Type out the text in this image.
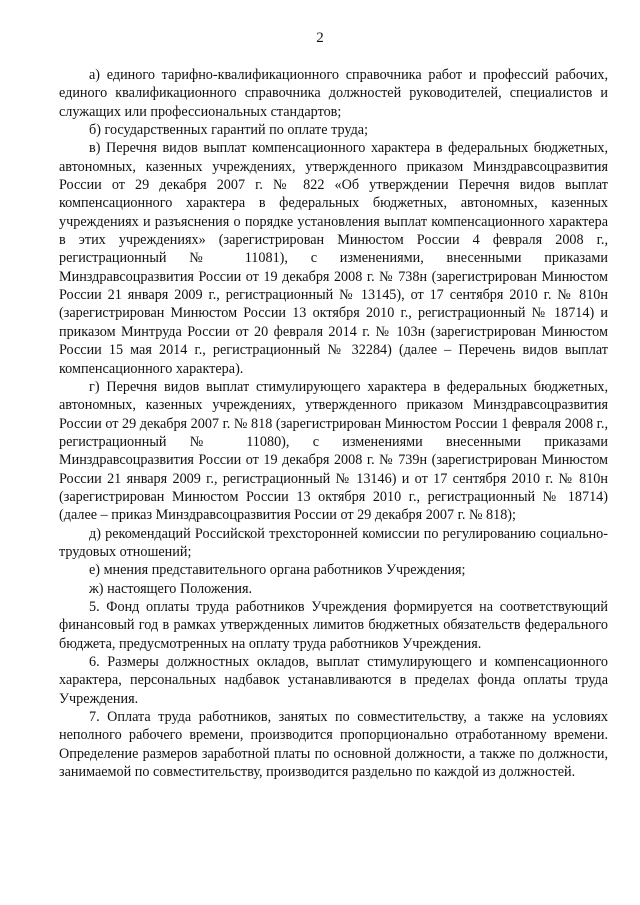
2

а) единого тарифно-квалификационного справочника работ и профессий рабочих, единого квалификационного справочника должностей руководителей, специалистов и служащих или профессиональных стандартов;

б) государственных гарантий по оплате труда;

в) Перечня видов выплат компенсационного характера в федеральных бюджетных, автономных, казенных учреждениях, утвержденного приказом Минздравсоцразвития России от 29 декабря 2007 г. № 822 «Об утверждении Перечня видов выплат компенсационного характера в федеральных бюджетных, автономных, казенных учреждениях и разъяснения о порядке установления выплат компенсационного характера в этих учреждениях» (зарегистрирован Минюстом России 4 февраля 2008 г., регистрационный № 11081), с изменениями, внесенными приказами Минздравсоцразвития России от 19 декабря 2008 г. № 738н (зарегистрирован Минюстом России 21 января 2009 г., регистрационный № 13145), от 17 сентября 2010 г. № 810н (зарегистрирован Минюстом России 13 октября 2010 г., регистрационный № 18714) и приказом Минтруда России от 20 февраля 2014 г. № 103н (зарегистрирован Минюстом России 15 мая 2014 г., регистрационный № 32284) (далее – Перечень видов выплат компенсационного характера).

г) Перечня видов выплат стимулирующего характера в федеральных бюджетных, автономных, казенных учреждениях, утвержденного приказом Минздравсоцразвития России от 29 декабря 2007 г. № 818 (зарегистрирован Минюстом России 1 февраля 2008 г., регистрационный № 11080), с изменениями внесенными приказами Минздравсоцразвития России от 19 декабря 2008 г. № 739н (зарегистрирован Минюстом России 21 января 2009 г., регистрационный № 13146) и от 17 сентября 2010 г. № 810н (зарегистрирован Минюстом России 13 октября 2010 г., регистрационный № 18714) (далее – приказ Минздравсоцразвития России от 29 декабря 2007 г. № 818);

д) рекомендаций Российской трехсторонней комиссии по регулированию социально-трудовых отношений;

е) мнения представительного органа работников Учреждения;

ж) настоящего Положения.

5. Фонд оплаты труда работников Учреждения формируется на соответствующий финансовый год в рамках утвержденных лимитов бюджетных обязательств федерального бюджета, предусмотренных на оплату труда работников Учреждения.

6. Размеры должностных окладов, выплат стимулирующего и компенсационного характера, персональных надбавок устанавливаются в пределах фонда оплаты труда Учреждения.

7. Оплата труда работников, занятых по совместительству, а также на условиях неполного рабочего времени, производится пропорционально отработанному времени. Определение размеров заработной платы по основной должности, а также по должности, занимаемой по совместительству, производится раздельно по каждой из должностей.
